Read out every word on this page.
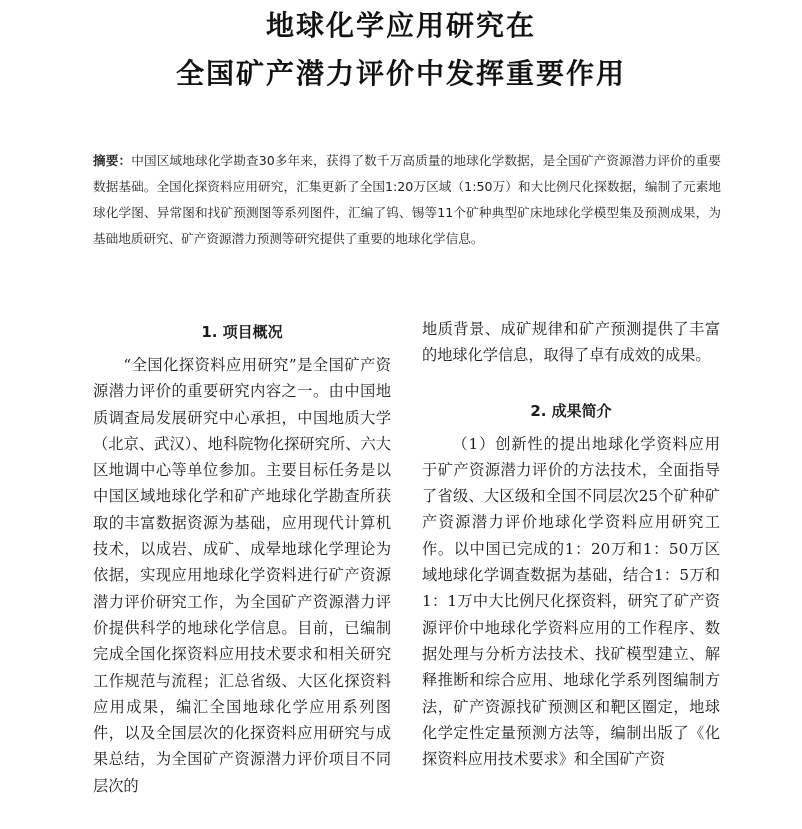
地球化学应用研究在
全国矿产潜力评价中发挥重要作用
摘要：中国区域地球化学勘查30多年来，获得了数千万高质量的地球化学数据，是全国矿产资源潜力评价的重要数据基础。全国化探资料应用研究，汇集更新了全国1:20万区域（1:50万）和大比例尺化探数据，编制了元素地球化学图、异常图和找矿预测图等系列图件，汇编了钨、锡等11个矿种典型矿床地球化学模型集及预测成果，为基础地质研究、矿产资源潜力预测等研究提供了重要的地球化学信息。
1. 项目概况

“全国化探资料应用研究”是全国矿产资源潜力评价的重要研究内容之一。由中国地质调查局发展研究中心承担，中国地质大学（北京、武汉）、地科院物化探研究所、六大区地调中心等单位参加。主要目标任务是以中国区域地球化学和矿产地球化学勘查所获取的丰富数据资源为基础，应用现代计算机技术，以成岩、成矿、成晕地球化学理论为依据，实现应用地球化学资料进行矿产资源潜力评价研究工作，为全国矿产资源潜力评价提供科学的地球化学信息。目前，已编制完成全国化探资料应用技术要求和相关研究工作规范与流程；汇总省级、大区化探资料应用成果，编汇全国地球化学应用系列图件，以及全国层次的化探资料应用研究与成果总结，为全国矿产资源潜力评价项目不同层次的

地质背景、成矿规律和矿产预测提供了丰富的地球化学信息，取得了卓有成效的成果。

2. 成果简介

（1）创新性的提出地球化学资料应用于矿产资源潜力评价的方法技术，全面指导了省级、大区级和全国不同层次25个矿种矿产资源潜力评价地球化学资料应用研究工作。以中国已完成的1：20万和1：50万区域地球化学调查数据为基础，结合1：5万和1：1万中大比例尺化探资料，研究了矿产资源评价中地球化学资料应用的工作程序、数据处理与分析方法技术、找矿模型建立、解释推断和综合应用、地球化学系列图编制方法，矿产资源找矿预测区和靶区圈定，地球化学定性定量预测方法等，编制出版了《化探资料应用技术要求》和全国矿产资
